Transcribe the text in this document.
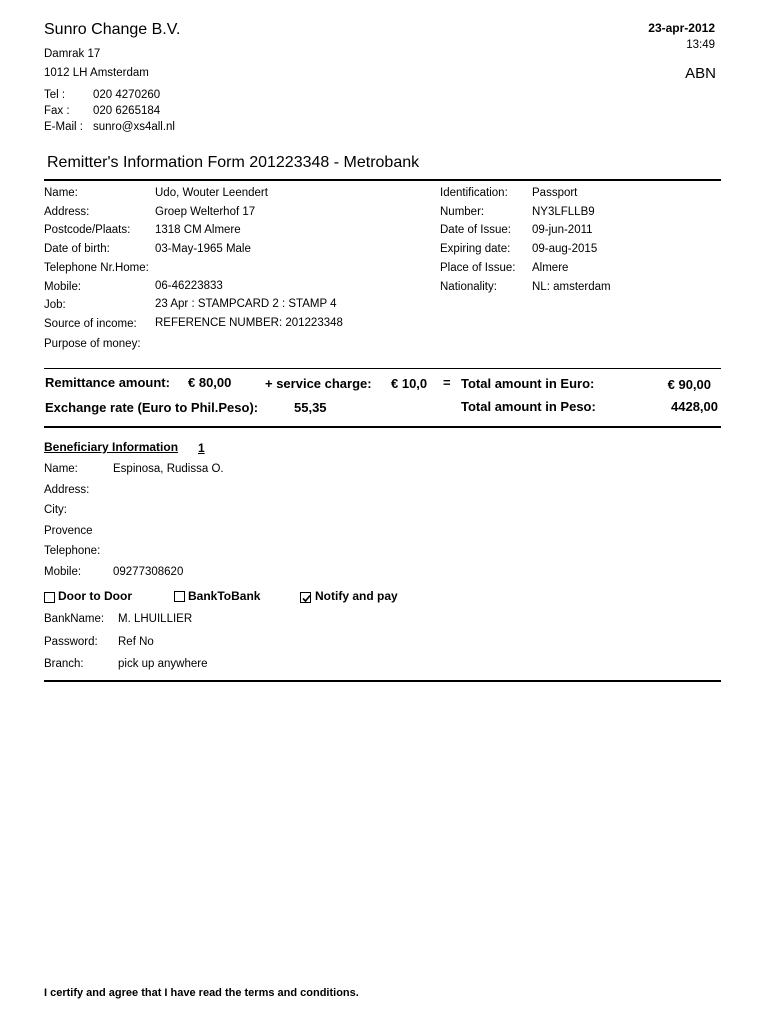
Sunro Change B.V.
Damrak 17
1012 LH Amsterdam
Tel : 020 4270260
Fax : 020 6265184
E-Mail : sunro@xs4all.nl
23-apr-2012
13:49
ABN
Remitter's Information Form 201223348 - Metrobank
Name:	Udo, Wouter Leendert
Address:	Groep Welterhof 17
Postcode/Plaats: 1318 CM Almere
Date of birth:	03-May-1965 Male
Telephone Nr.Home:
Mobile:	06-46223833
Job:	23 Apr : STAMPCARD 2 : STAMP 4
Source of income: REFERENCE NUMBER: 201223348
Purpose of money:
Identification: Passport
Number:	NY3LFLLB9
Date of Issue: 09-jun-2011
Expiring date: 09-aug-2015
Place of Issue: Almere
Nationality:	NL: amsterdam
Remittance amount: € 80,00	+ service charge: € 10,0 = Total amount in Euro:	€ 90,00
Exchange rate (Euro to Phil.Peso):	55,35	Total amount in Peso:	4428,00
Beneficiary Information 1
Name:	Espinosa, Rudissa O.
Address:
City:
Provence
Telephone:
Mobile:	09277308620
Door to Door	BankToBank	Notify and pay
BankName: M. LHUILLIER
Password: Ref No
Branch:	pick up anywhere
I certify and agree that I have read the terms and conditions.
